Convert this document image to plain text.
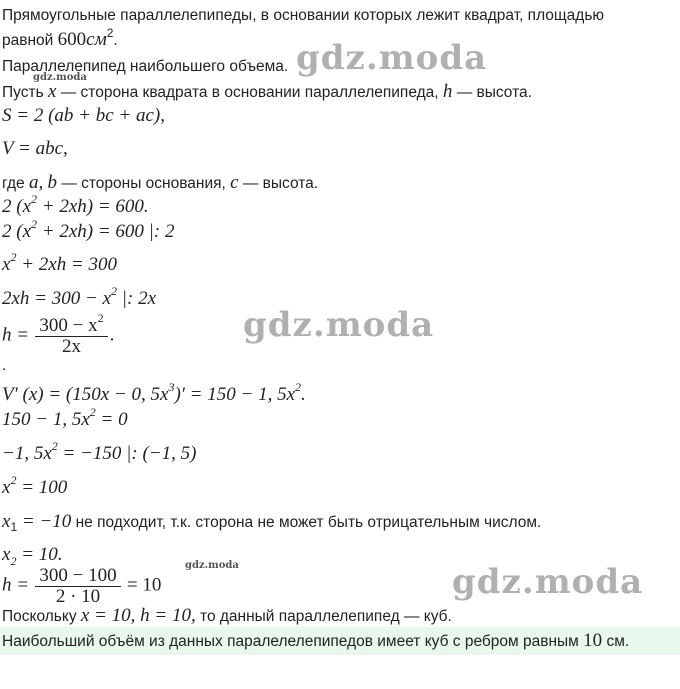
gdz.moda
gdz.moda
gdz.moda
gdz.moda	gdz.moda
Прямоугольные параллелепипеды, в основании которых лежит квадрат, площадью
равной $600см^2$.
Параллелепипед наибольшего объема.
Пусть x — сторона квадрата в основании параллелепипеда, h — высота.
S = 2 (ab + bc + ac),
V = abc,
где a, b — стороны основания, c — высота.
2 $(x^2 + 2xh) = 600$.
2 $(x^2 + 2xh) = 600$ |: 2
$x^2 + 2xh = 300$
$2xh = 300 - x^2$ |: 2x
$h = \frac{300 - x^2}{2x}$ .
.
V′ (x) = (150x − 0, $5x^3)' = 150 - 1$, $5x^2$.
150 − 1, $5x^2 = 0$
−1, $5x^2 = -150$ |: (−1, 5)
$x^2 = 100$
$x_1 = -10$ не подходит, т.к. сторона не может быть отрицательным числом.
$x_2 = 10$.
$h = \frac{300 - 100}{2 \cdot 10} = 10$
Поскольку x = 10, h = 10, то данный параллелепипед — куб.
Наибольший объём из данных паралелелепипедов имеет куб с ребром равным 10 см.
